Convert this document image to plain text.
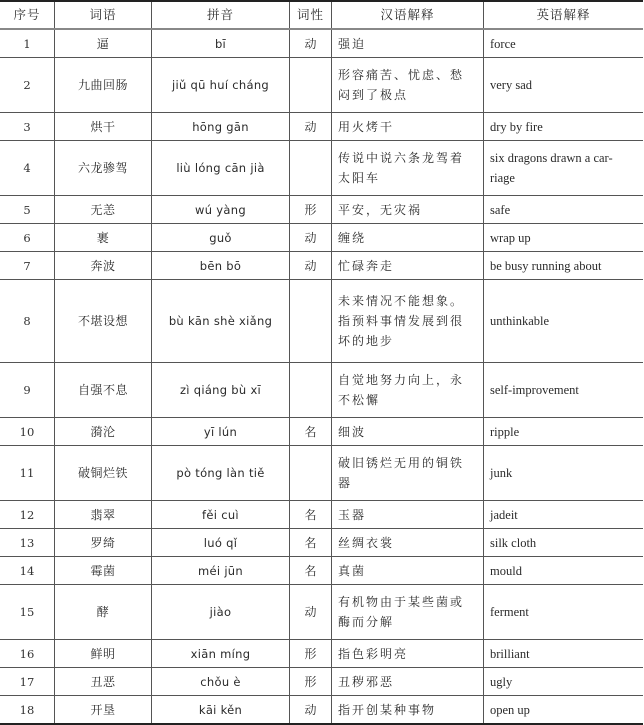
序号	词语	拼音	词性	汉语解释	英语解释
1	逼	bī	动	强迫	force
2	九曲回肠	jiǔ qū huí cháng		形容痛苦、忧虑、愁闷到了极点	very sad
3	烘干	hōng gān	动	用火烤干	dry by fire
4	六龙骖驾	liù lóng cān jià		传说中说六条龙驾着太阳车	six dragons drawn a car-riage
5	无恙	wú yàng	形	平安，无灾祸	safe
6	裹	guǒ	动	缠绕	wrap up
7	奔波	bēn bō	动	忙碌奔走	be busy running about
8	不堪设想	bù kān shè xiǎng		未来情况不能想象。指预料事情发展到很坏的地步	unthinkable
9	自强不息	zì qiáng bù xī		自觉地努力向上，永不松懈	self-improvement
10	漪沦	yī lún	名	细波	ripple
11	破铜烂铁	pò tóng làn tiě		破旧锈烂无用的铜铁器	junk
12	翡翠	fěi cuì	名	玉器	jadeit
13	罗绮	luó qǐ	名	丝绸衣裳	silk cloth
14	霉菌	méi jūn	名	真菌	mould
15	酵	jiào	动	有机物由于某些菌或酶而分解	ferment
16	鲜明	xiān míng	形	指色彩明亮	brilliant
17	丑恶	chǒu è	形	丑秽邪恶	ugly
18	开垦	kāi kěn	动	指开创某种事物	open up
